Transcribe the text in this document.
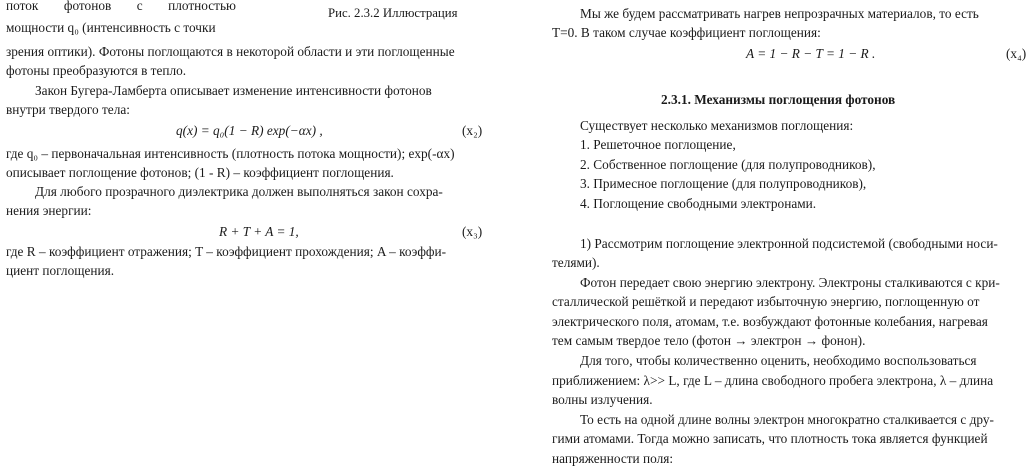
поток фотонов с плотностью	Рис. 2.3.2 Иллюстрация
мощности q₀ (интенсивность с точки
зрения оптики). Фотоны поглощаются в некоторой области и эти поглощенные
фотоны преобразуются в тепло.
Закон Бугера-Ламберта описывает изменение интенсивности фотонов
внутри твердого тела:
q(x) = q₀(1 − R) exp(−αx) ,	(x₂)
где q₀ – первоначальная интенсивность (плотность потока мощности); exp(-αx)
описывает поглощение фотонов; (1 - R) – коэффициент поглощения.
Для любого прозрачного диэлектрика должен выполняться закон сохра-
нения энергии:
R + T + A = 1,	(x₃)
где R – коэффициент отражения; T – коэффициент прохождения; A – коэффи-
циент поглощения.
Мы же будем рассматривать нагрев непрозрачных материалов, то есть
T=0. В таком случае коэффициент поглощения:
A = 1 − R − T = 1 − R .	(x₄)
2.3.1. Механизмы поглощения фотонов
Существует несколько механизмов поглощения:
1. Решеточное поглощение,
2. Собственное поглощение (для полупроводников),
3. Примесное поглощение (для полупроводников),
4. Поглощение свободными электронами.
1) Рассмотрим поглощение электронной подсистемой (свободными носи-
телями).
Фотон передает свою энергию электрону. Электроны сталкиваются с кри-
сталлической решёткой и передают избыточную энергию, поглощенную от
электрического поля, атомам, т.е. возбуждают фотонные колебания, нагревая
тем самым твердое тело (фотон → электрон → фонон).
Для того, чтобы количественно оценить, необходимо воспользоваться
приближением: λ>> L, где L – длина свободного пробега электрона, λ – длина
волны излучения.
То есть на одной длине волны электрон многократно сталкивается с дру-
гими атомами. Тогда можно записать, что плотность тока является функцией
напряженности поля:
